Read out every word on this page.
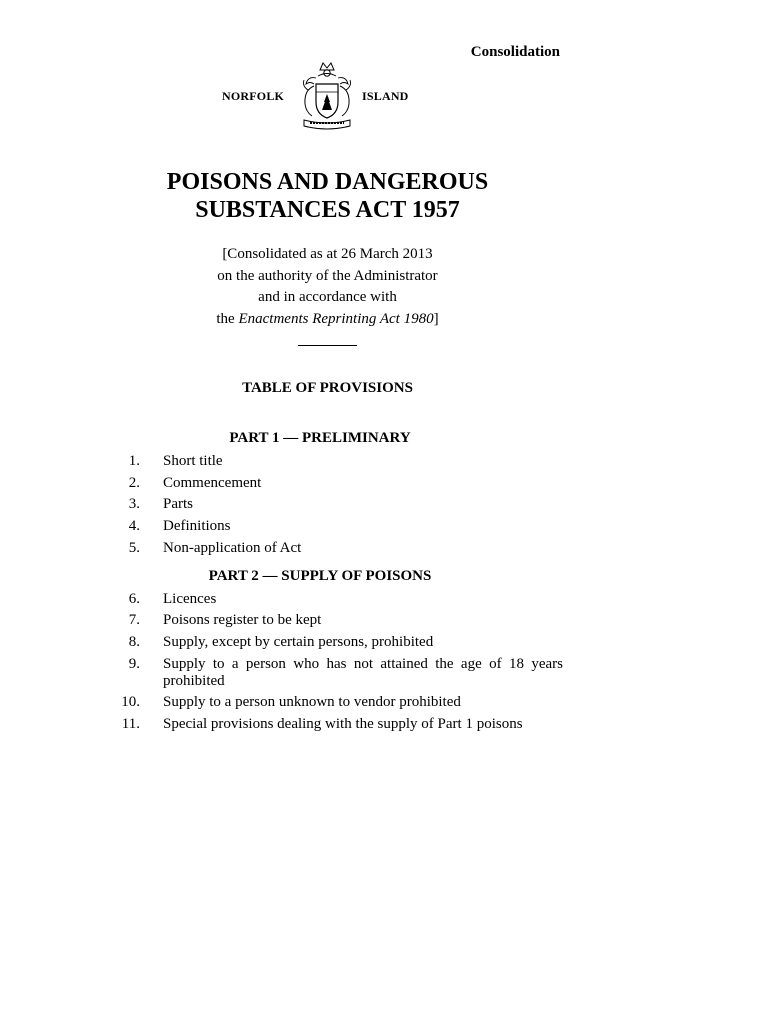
Consolidation
NORFOLK	ISLAND
POISONS AND DANGEROUS
SUBSTANCES ACT 1957
[Consolidated as at 26 March 2013
on the authority of the Administrator
and in accordance with
the Enactments Reprinting Act 1980]
TABLE OF PROVISIONS
PART 1 — PRELIMINARY
1. Short title
2. Commencement
3. Parts
4. Definitions
5. Non-application of Act
PART 2 — SUPPLY OF POISONS
6. Licences
7. Poisons register to be kept
8. Supply, except by certain persons, prohibited
9. Supply to a person who has not attained the age of 18 years prohibited
10. Supply to a person unknown to vendor prohibited
11. Special provisions dealing with the supply of Part 1 poisons
